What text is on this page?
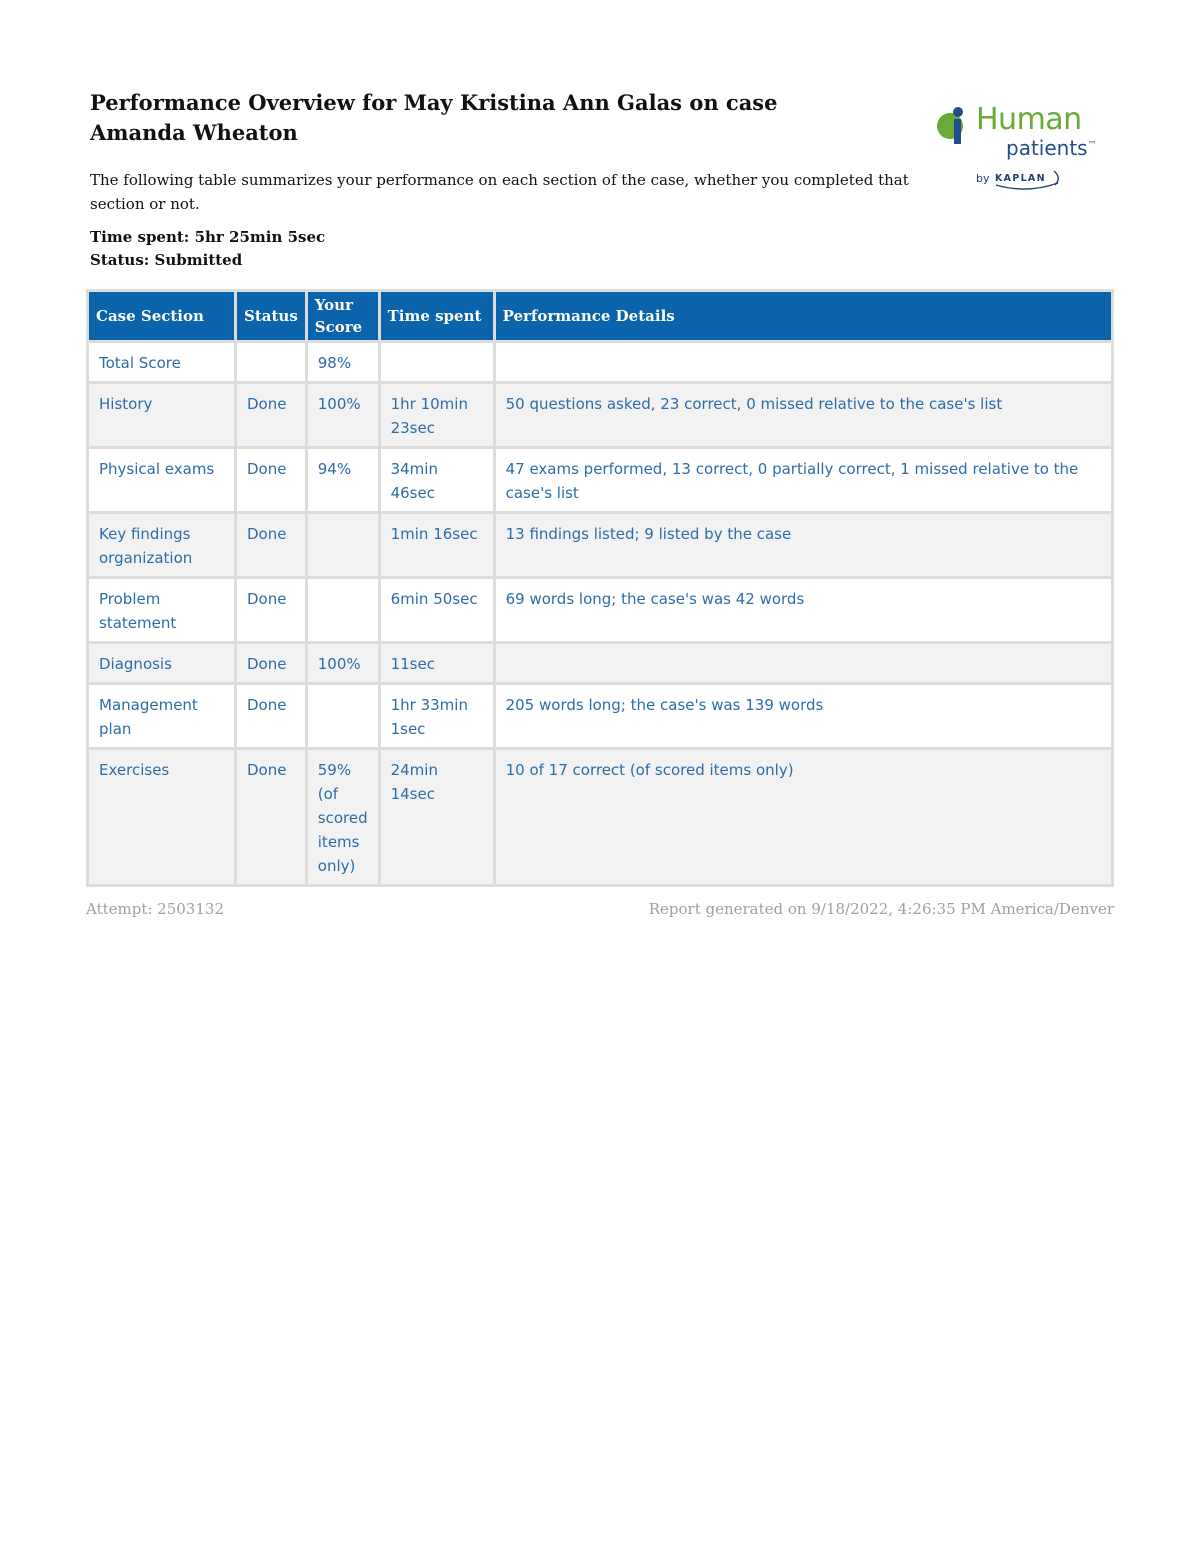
Performance Overview for May Kristina Ann Galas on case Amanda Wheaton

The following table summarizes your performance on each section of the case, whether you completed that section or not.

Time spent: 5hr 25min 5sec
Status: Submitted
Human
patients™
by KAPLAN
Case Section	Status	Your Score	Time spent	Performance Details
Total Score		98%		
History	Done	100%	1hr 10min 23sec	50 questions asked, 23 correct, 0 missed relative to the case's list
Physical exams	Done	94%	34min 46sec	47 exams performed, 13 correct, 0 partially correct, 1 missed relative to the case's list
Key findings organization	Done		1min 16sec	13 findings listed; 9 listed by the case
Problem statement	Done		6min 50sec	69 words long; the case's was 42 words
Diagnosis	Done	100%	11sec	
Management plan	Done		1hr 33min 1sec	205 words long; the case's was 139 words
Exercises	Done	59% (of scored items only)	24min 14sec	10 of 17 correct (of scored items only)
Attempt: 2503132	Report generated on 9/18/2022, 4:26:35 PM America/Denver
